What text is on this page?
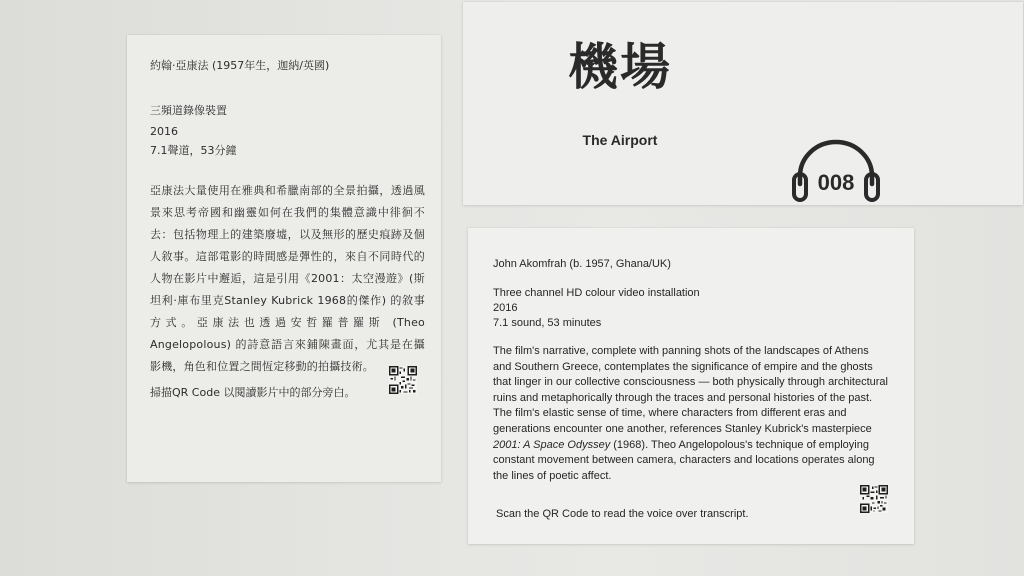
約翰·亞康法 (1957年生，迦納/英國)
三頻道錄像裝置
2016
7.1聲道，53分鐘
亞康法大量使用在雅典和希臘南部的全景拍攝，透過風景來思考帝國和幽靈如何在我們的集體意識中徘徊不去：包括物理上的建築廢墟，以及無形的歷史痕跡及個人敘事。這部電影的時間感是彈性的，來自不同時代的人物在影片中邂逅，這是引用《2001：太空漫遊》(斯坦利·庫布里克Stanley Kubrick 1968的傑作) 的敘事方式。亞康法也透過安哲羅普羅斯 (Theo Angelopolous) 的詩意語言來鋪陳畫面，尤其是在攝影機，角色和位置之間恆定移動的拍攝技術。
掃描QR Code 以閱讀影片中的部分旁白。
機場
The Airport
008
John Akomfrah (b. 1957, Ghana/UK)
Three channel HD colour video installation
2016
7.1 sound, 53 minutes
The film's narrative, complete with panning shots of the landscapes of Athens and Southern Greece, contemplates the significance of empire and the ghosts that linger in our collective consciousness — both physically through architectural ruins and metaphorically through the traces and personal histories of the past. The film's elastic sense of time, where characters from different eras and generations encounter one another, references Stanley Kubrick's masterpiece 2001: A Space Odyssey (1968). Theo Angelopolous's technique of employing constant movement between camera, characters and locations operates along the lines of poetic affect.
Scan the QR Code to read the voice over transcript.
